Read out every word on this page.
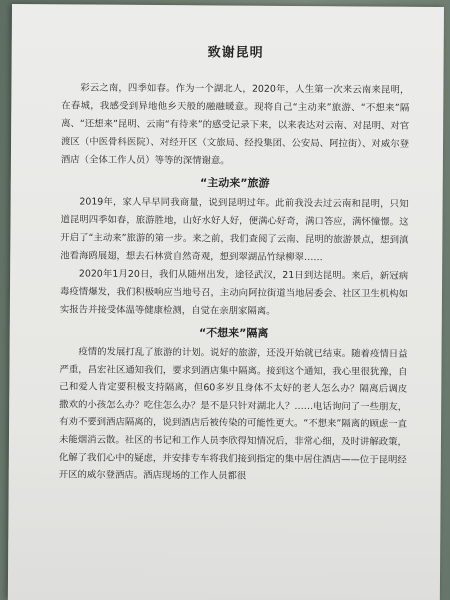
致谢昆明

彩云之南，四季如春。作为一个湖北人，2020年，人生第一次来云南来昆明，在春城，我感受到异地他乡天般的融融暖意。现将自己“主动来”旅游、“不想来”隔离、“还想来”昆明、云南“有待来”的感受记录下来，以来表达对云南、对昆明、对官渡区（中医骨科医院）、对经开区（文旅局、经投集团、公安局、阿拉街）、对威尔登酒店（全体工作人员）等等的深情谢意。

“主动来”旅游

2019年，家人早早同我商量，说到昆明过年。此前我没去过云南和昆明，只知道昆明四季如春，旅游胜地，山好水好人好，便满心好奇，满口答应，满怀憧憬。这开启了“主动来”旅游的第一步。来之前，我们查阅了云南、昆明的旅游景点，想到滇池看海鸥展翅，想去石林赏自然奇观，想到翠湖品竹绿柳翠……

2020年1月20日，我们从随州出发，途径武汉，21日到达昆明。来后，新冠病毒疫情爆发，我们积极响应当地号召，主动向阿拉街道当地居委会、社区卫生机构如实报告并接受体温等健康检测，自觉在亲朋家隔离。

“不想来”隔离

疫情的发展打乱了旅游的计划。说好的旅游，还没开始就已结束。随着疫情日益严重，昌宏社区通知我们，要求到酒店集中隔离。接到这个通知，我心里很犹豫，自己和爱人肯定要积极支持隔离，但60多岁且身体不太好的老人怎么办？隔离后调皮撒欢的小孩怎么办？吃住怎么办？是不是只针对湖北人？……电话询问了一些朋友，有劝不要到酒店隔离的，说到酒店后被传染的可能性更大。“不想来”隔离的顾虑一直未能烟消云散。社区的书记和工作人员李欣得知情况后，非常心细，及时讲解政策，化解了我们心中的疑虑，并安排专车将我们接到指定的集中居住酒店——位于昆明经开区的威尔登酒店。酒店现场的工作人员都很
